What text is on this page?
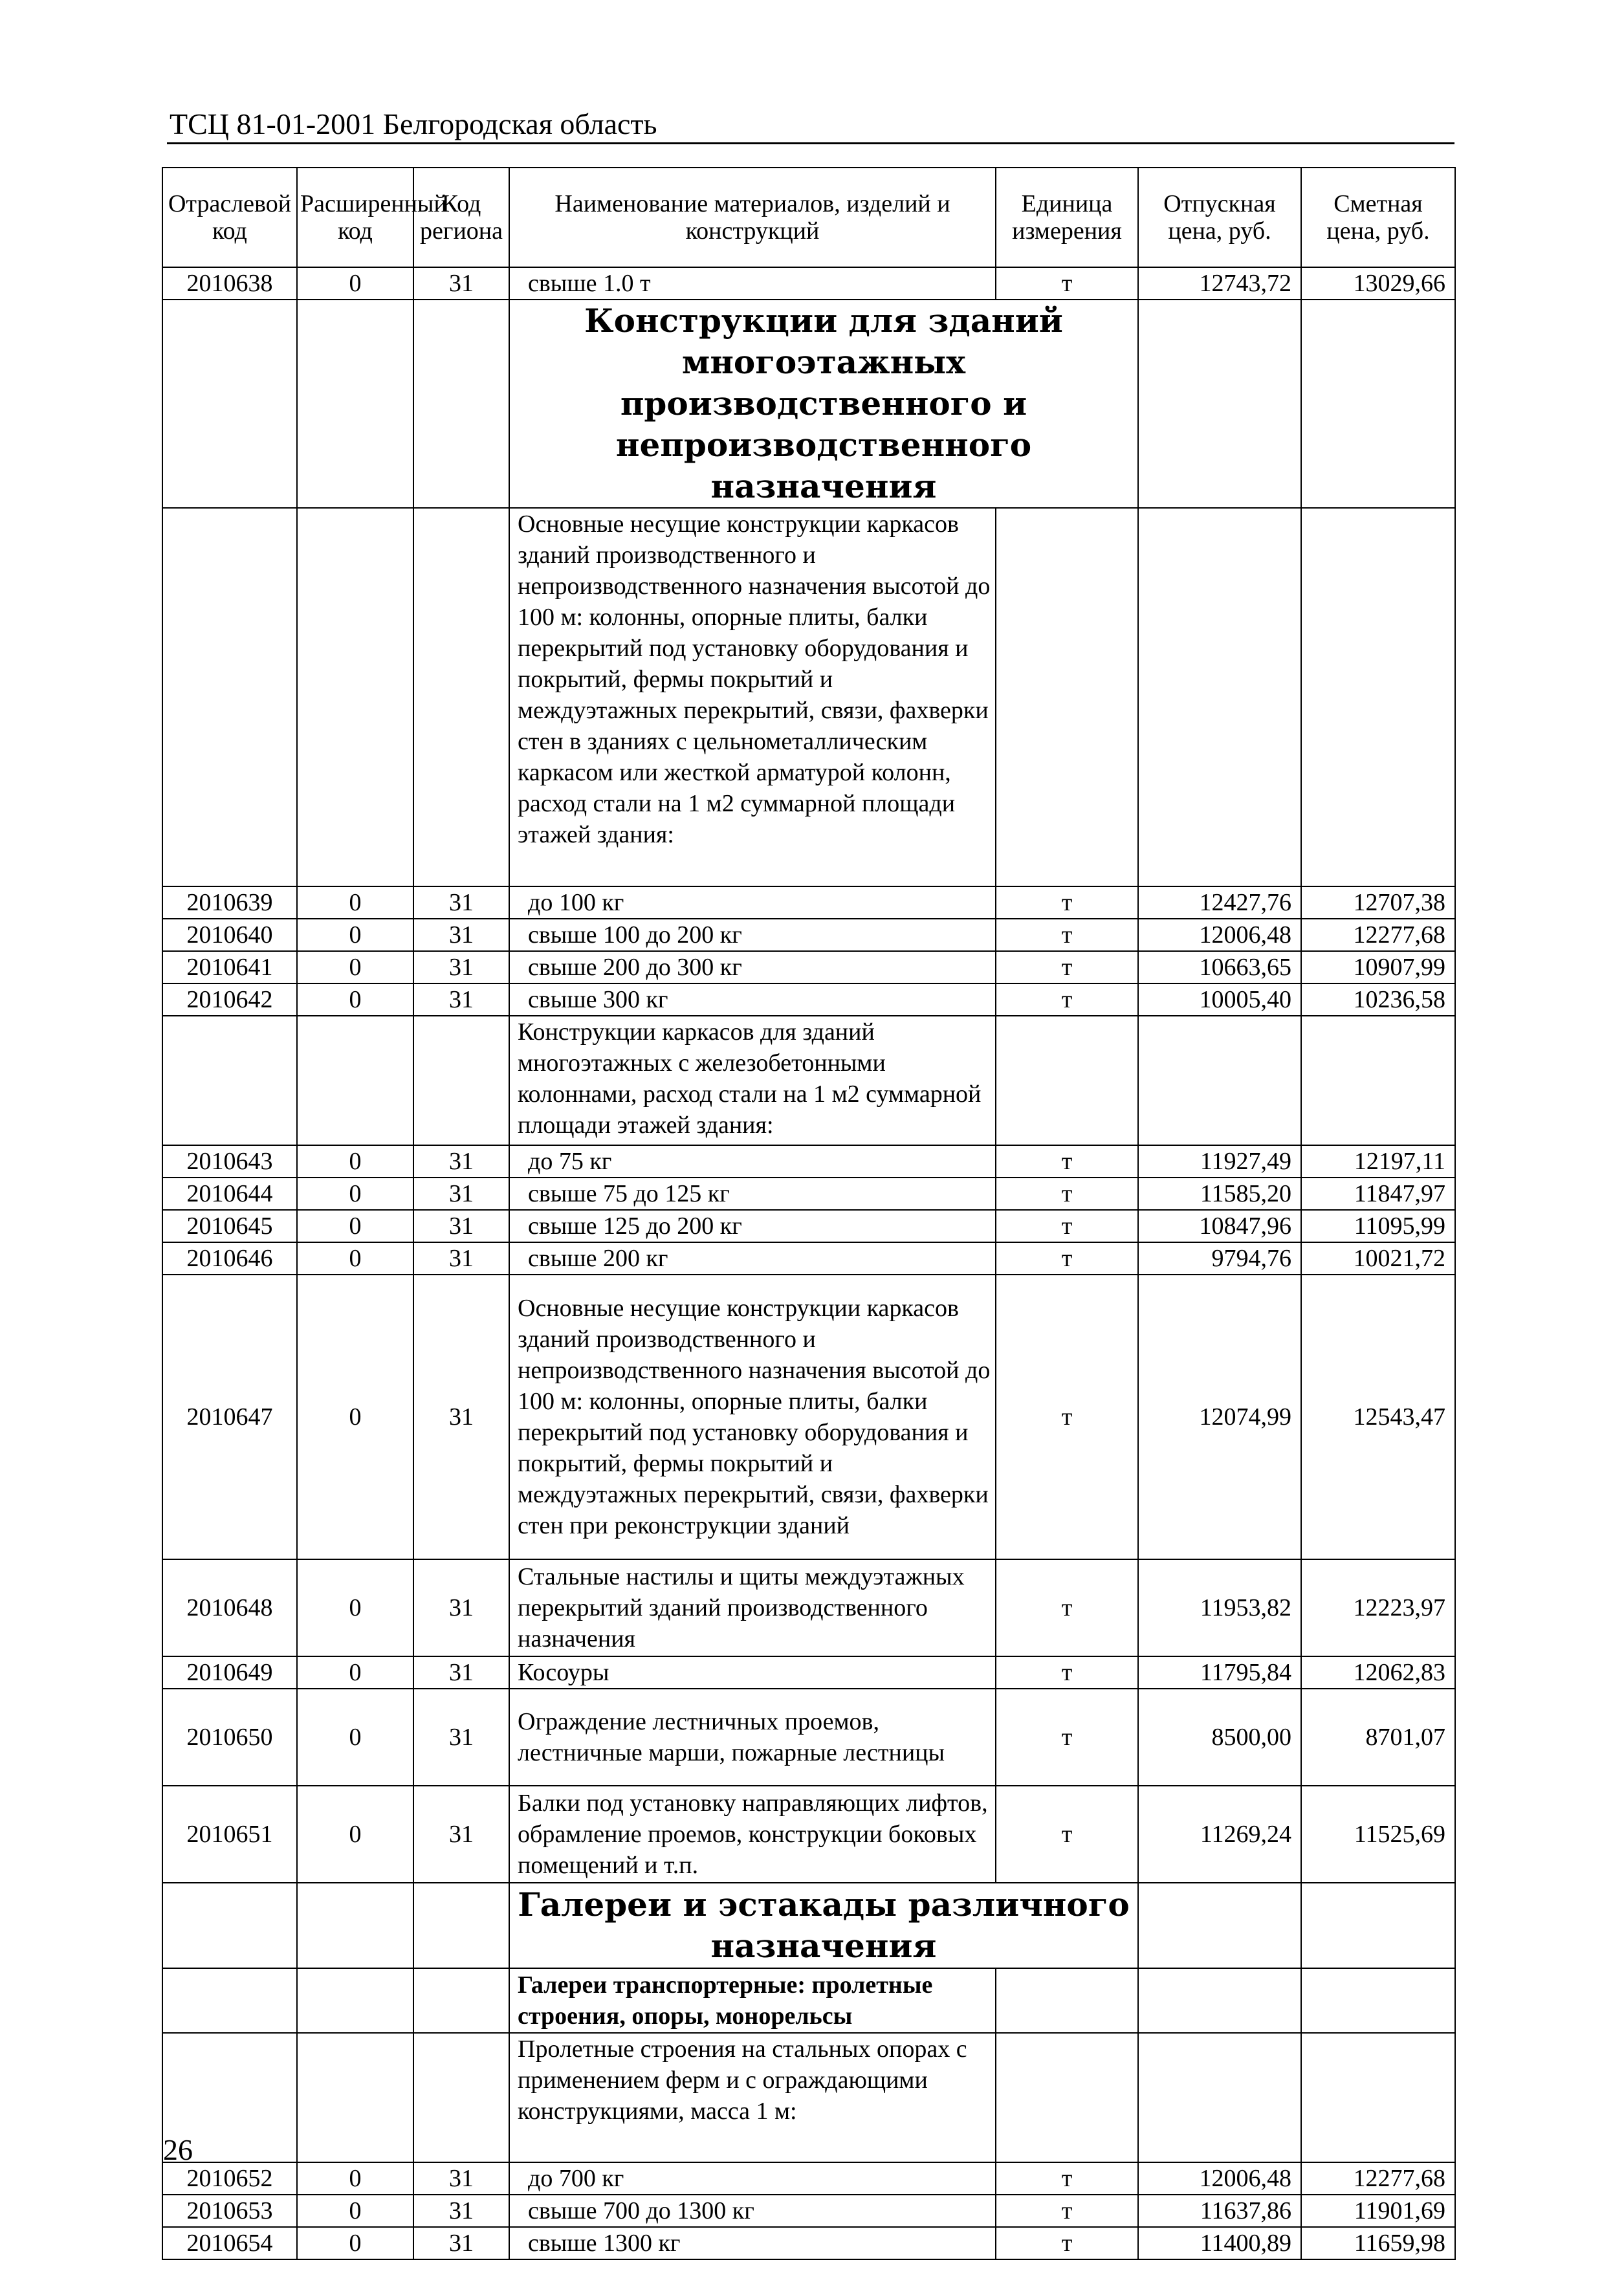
ТСЦ 81-01-2001 Белгородская область
Отраслевой код	Расширенный код	Код региона	Наименование материалов, изделий и конструкций	Единица измерения	Отпускная цена, руб.	Сметная цена, руб.
2010638	0	31	свыше 1.0 т	т	12743,72	13029,66
			Конструкции для зданий многоэтажных производственного и непроизводственного назначения			
			Основные несущие конструкции каркасов зданий производственного и непроизводственного назначения высотой до 100 м: колонны, опорные плиты, балки перекрытий под установку оборудования и покрытий, фермы покрытий и междуэтажных перекрытий, связи, фахверки стен в зданиях с цельнометаллическим каркасом или жесткой арматурой колонн, расход стали на 1 м2 суммарной площади этажей здания:			
2010639	0	31	до 100 кг	т	12427,76	12707,38
2010640	0	31	свыше 100 до 200 кг	т	12006,48	12277,68
2010641	0	31	свыше 200 до 300 кг	т	10663,65	10907,99
2010642	0	31	свыше 300 кг	т	10005,40	10236,58
			Конструкции каркасов для зданий многоэтажных с железобетонными колоннами, расход стали на 1 м2 суммарной площади этажей здания:			
2010643	0	31	до 75 кг	т	11927,49	12197,11
2010644	0	31	свыше 75 до 125 кг	т	11585,20	11847,97
2010645	0	31	свыше 125 до 200 кг	т	10847,96	11095,99
2010646	0	31	свыше 200 кг	т	9794,76	10021,72
2010647	0	31	Основные несущие конструкции каркасов зданий производственного и непроизводственного назначения высотой до 100 м: колонны, опорные плиты, балки перекрытий под установку оборудования и покрытий, фермы покрытий и междуэтажных перекрытий, связи, фахверки стен при реконструкции зданий	т	12074,99	12543,47
2010648	0	31	Стальные настилы и щиты междуэтажных перекрытий зданий производственного назначения	т	11953,82	12223,97
2010649	0	31	Косоуры	т	11795,84	12062,83
2010650	0	31	Ограждение лестничных проемов, лестничные марши, пожарные лестницы	т	8500,00	8701,07
2010651	0	31	Балки под установку направляющих лифтов, обрамление проемов, конструкции боковых помещений и т.п.	т	11269,24	11525,69
			Галереи и эстакады различного назначения			
			Галереи транспортерные: пролетные строения, опоры, монорельсы			
			Пролетные строения на стальных опорах с применением ферм и с ограждающими конструкциями, масса 1 м:			
2010652	0	31	до 700 кг	т	12006,48	12277,68
2010653	0	31	свыше 700 до 1300 кг	т	11637,86	11901,69
2010654	0	31	свыше 1300 кг	т	11400,89	11659,98
26
